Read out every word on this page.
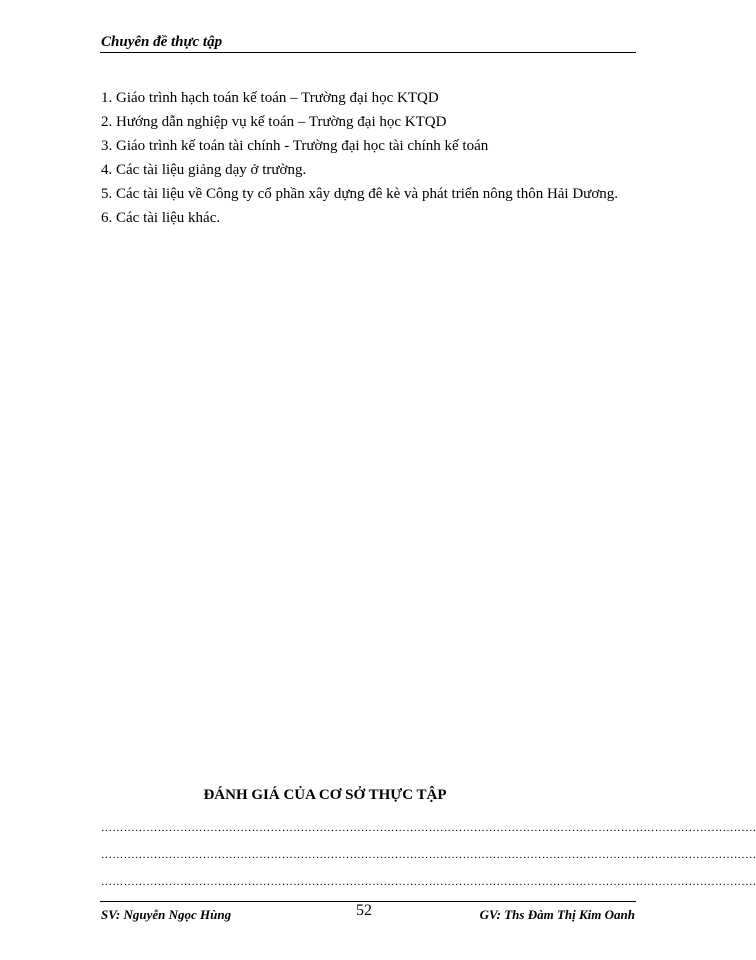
Chuyên đề thực tập
1. Giáo trình hạch toán kế toán – Trường đại học KTQD
2. Hướng dẫn nghiệp vụ kế toán – Trường đại học KTQD
3. Giáo trình kế toán tài chính - Trường đại học tài chính kế toán
4. Các tài liệu giảng dạy ở trường.
5. Các tài liệu về Công ty cổ phần xây dựng đê kè và phát triển nông thôn Hải Dương.
6. Các tài liệu khác.
ĐÁNH GIÁ CỦA CƠ SỞ THỰC TẬP
…………………………………………………………………………………………………………………………………………………………
…………………………………………………………………………………………………………………………………………………………
…………………………………………………………………………………………………………………………………………………………
SV: Nguyễn Ngọc Hùng	52	GV: Ths Đàm Thị Kim Oanh
